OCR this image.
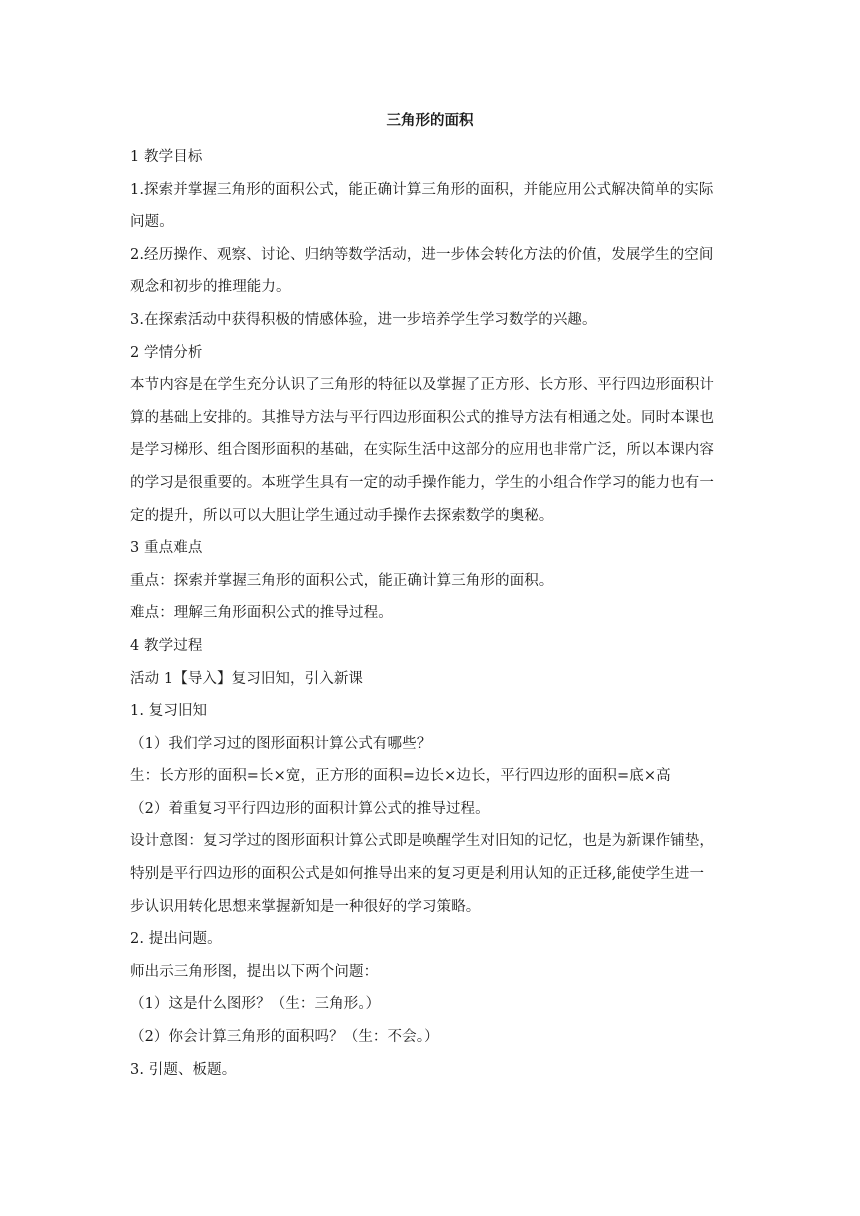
三角形的面积

1 教学目标

1.探索并掌握三角形的面积公式，能正确计算三角形的面积，并能应用公式解决简单的实际

问题。

2.经历操作、观察、讨论、归纳等数学活动，进一步体会转化方法的价值，发展学生的空间

观念和初步的推理能力。

3.在探索活动中获得积极的情感体验，进一步培养学生学习数学的兴趣。

2 学情分析

本节内容是在学生充分认识了三角形的特征以及掌握了正方形、长方形、平行四边形面积计

算的基础上安排的。其推导方法与平行四边形面积公式的推导方法有相通之处。同时本课也

是学习梯形、组合图形面积的基础，在实际生活中这部分的应用也非常广泛，所以本课内容

的学习是很重要的。本班学生具有一定的动手操作能力，学生的小组合作学习的能力也有一

定的提升，所以可以大胆让学生通过动手操作去探索数学的奥秘。

3 重点难点

重点：探索并掌握三角形的面积公式，能正确计算三角形的面积。

难点：理解三角形面积公式的推导过程。

4 教学过程

活动 1【导入】复习旧知，引入新课

1. 复习旧知

（1）我们学习过的图形面积计算公式有哪些？

生：长方形的面积=长×宽，正方形的面积=边长×边长，平行四边形的面积=底×高

（2）着重复习平行四边形的面积计算公式的推导过程。

设计意图：复习学过的图形面积计算公式即是唤醒学生对旧知的记忆，也是为新课作铺垫，

特别是平行四边形的面积公式是如何推导出来的复习更是利用认知的正迁移,能使学生进一

步认识用转化思想来掌握新知是一种很好的学习策略。

2. 提出问题。

师出示三角形图，提出以下两个问题：

（1）这是什么图形？（生：三角形。）

（2）你会计算三角形的面积吗？（生：不会。）

3. 引题、板题。
